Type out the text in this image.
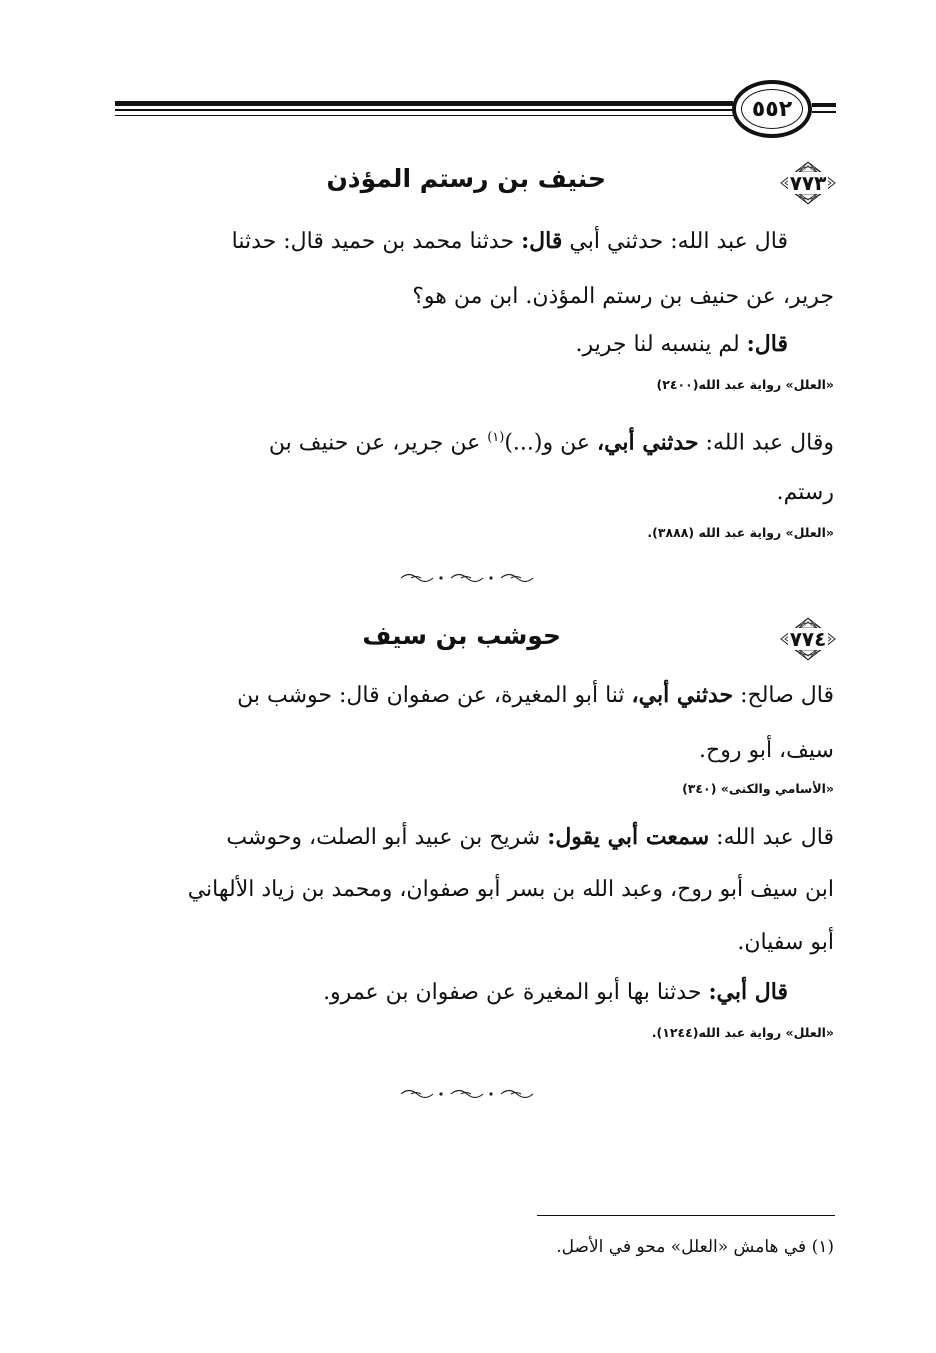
٥٥٢
٧٧٣
حنيف بن رستم المؤذن
قال عبد الله: حدثني أبي قال: حدثنا محمد بن حميد قال: حدثنا
جرير، عن حنيف بن رستم المؤذن. ابن من هو؟
قال: لم ينسبه لنا جرير.
«العلل» رواية عبد الله(٢٤٠٠)
وقال عبد الله: حدثني أبي، عن و(...)$^{(١)}$ عن جرير، عن حنيف بن
رستم.
«العلل» رواية عبد الله (٣٨٨٨).
٧٧٤
حوشب بن سيف
قال صالح: حدثني أبي، ثنا أبو المغيرة، عن صفوان قال: حوشب بن
سيف، أبو روح.
«الأسامي والكنى» (٣٤٠)
قال عبد الله: سمعت أبي يقول: شريح بن عبيد أبو الصلت، وحوشب
ابن سيف أبو روح، وعبد الله بن بسر أبو صفوان، ومحمد بن زياد الألهاني
أبو سفيان.
قال أبي: حدثنا بها أبو المغيرة عن صفوان بن عمرو.
«العلل» رواية عبد الله(١٢٤٤).
(١) في هامش «العلل» محو في الأصل.
